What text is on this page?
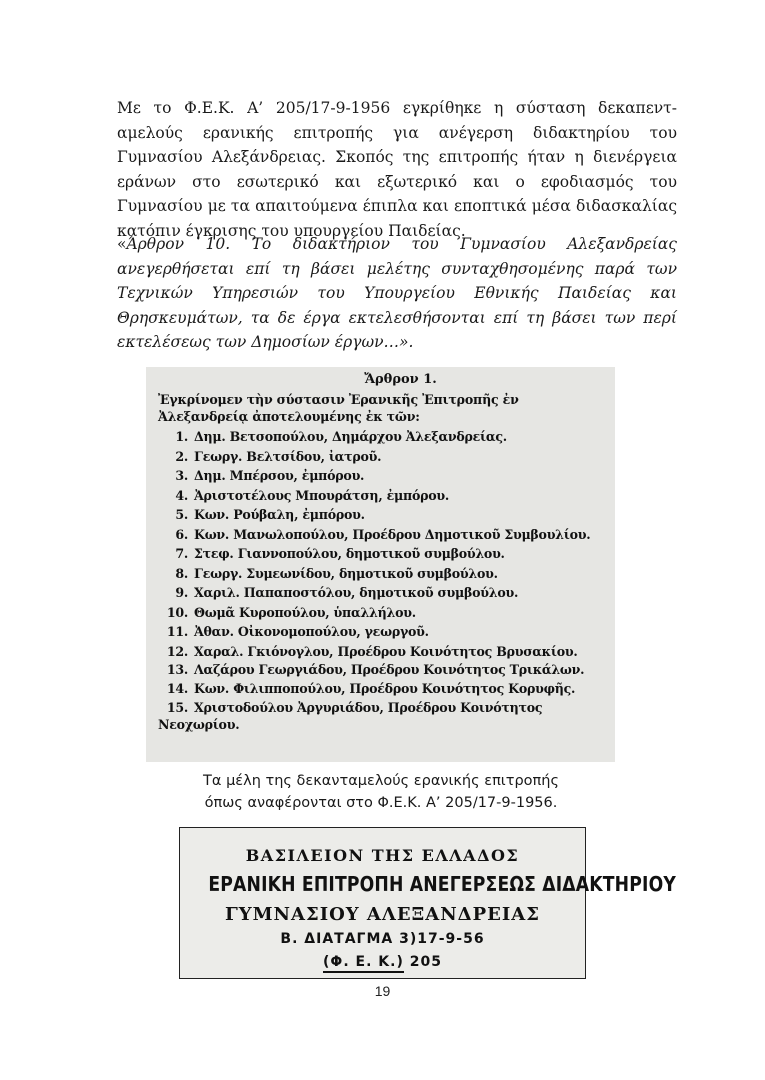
Με το Φ.Ε.Κ. Α’ 205/17-9-1956 εγκρίθηκε η σύσταση δεκαπεντ-αμελούς ερανικής επιτροπής για ανέγερση διδακτηρίου του Γυμνασίου Αλεξάνδρειας. Σκοπός της επιτροπής ήταν η διενέργεια εράνων στο εσωτερικό και εξωτερικό και ο εφοδιασμός του Γυμνασίου με τα απαιτούμενα έπιπλα και εποπτικά μέσα διδασκαλίας κατόπιν έγκρισης του υπουργείου Παιδείας.
«Άρθρον 10. Το διδακτήριον του Γυμνασίου Αλεξανδρείας ανεγερθήσεται επί τη βάσει μελέτης συνταχθησομένης παρά των Τεχνικών Υπηρεσιών του Υπουργείου Εθνικής Παιδείας και Θρησκευμάτων, τα δε έργα εκτελεσθήσονται επί τη βάσει των περί εκτελέσεως των Δημοσίων έργων…».
Ἄρθρον 1.
Ἐγκρίνομεν τὴν σύστασιν Ἐρανικῆς Ἐπιτροπῆς ἐν Ἀλεξανδρείᾳ ἀποτελουμένης ἐκ τῶν:
1. Δημ. Βετσοπούλου, Δημάρχου Ἀλεξανδρείας.
2. Γεωργ. Βελτσίδου, ἰατροῦ.
3. Δημ. Μπέρσου, ἐμπόρου.
4. Ἀριστοτέλους Μπουράτση, ἐμπόρου.
5. Κων. Ρούβαλη, ἐμπόρου.
6. Κων. Μανωλοπούλου, Προέδρου Δημοτικοῦ Συμβουλίου.
7. Στεφ. Γιαννοπούλου, δημοτικοῦ συμβούλου.
8. Γεωργ. Συμεωνίδου, δημοτικοῦ συμβούλου.
9. Χαριλ. Παπαποστόλου, δημοτικοῦ συμβούλου.
10. Θωμᾶ Κυροπούλου, ὑπαλλήλου.
11. Ἀθαν. Οἰκονομοπούλου, γεωργοῦ.
12. Χαραλ. Γκιόνογλου, Προέδρου Κοινότητος Βρυσακίου.
13. Λαζάρου Γεωργιάδου, Προέδρου Κοινότητος Τρικάλων.
14. Κων. Φιλιπποπούλου, Προέδρου Κοινότητος Κορυφῆς.
15. Χριστοδούλου Ἀργυριάδου, Προέδρου Κοινότητος Νεοχωρίου.
Τα μέλη της δεκανταμελούς ερανικής επιτροπής
όπως αναφέρονται στο Φ.Ε.Κ. Α’ 205/17-9-1956.
ΒΑΣΙΛΕΙΟΝ ΤΗΣ ΕΛΛΑΔΟΣ
ΕΡΑΝΙΚΗ ΕΠΙΤΡΟΠΗ ΑΝΕΓΕΡΣΕΩΣ ΔΙΔΑΚΤΗΡΙΟΥ
ΓΥΜΝΑΣΙΟΥ ΑΛΕΞΑΝΔΡΕΙΑΣ
Β. ΔΙΑΤΑΓΜΑ 3)17-9-56
(Φ. Ε. Κ.) 205
19
